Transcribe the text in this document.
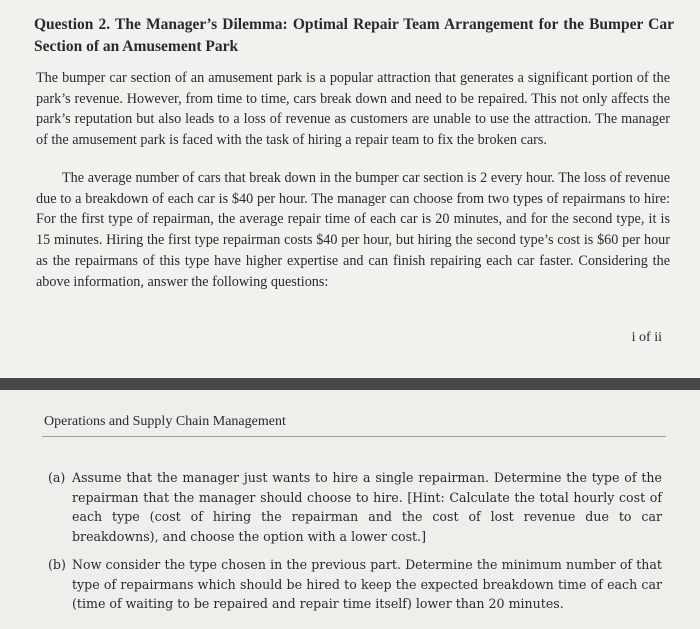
Question 2. The Manager’s Dilemma: Optimal Repair Team Arrangement for the Bumper Car Section of an Amusement Park

The bumper car section of an amusement park is a popular attraction that generates a significant portion of the park’s revenue. However, from time to time, cars break down and need to be repaired. This not only affects the park’s reputation but also leads to a loss of revenue as customers are unable to use the attraction. The manager of the amusement park is faced with the task of hiring a repair team to fix the broken cars.

The average number of cars that break down in the bumper car section is 2 every hour. The loss of revenue due to a breakdown of each car is $40 per hour. The manager can choose from two types of repairmans to hire: For the first type of repairman, the average repair time of each car is 20 minutes, and for the second type, it is 15 minutes. Hiring the first type repairman costs $40 per hour, but hiring the second type’s cost is $60 per hour as the repairmans of this type have higher expertise and can finish repairing each car faster. Considering the above information, answer the following questions:

i of ii
Operations and Supply Chain Management
(a) Assume that the manager just wants to hire a single repairman. Determine the type of the repairman that the manager should choose to hire. [Hint: Calculate the total hourly cost of each type (cost of hiring the repairman and the cost of lost revenue due to car breakdowns), and choose the option with a lower cost.]
(b) Now consider the type chosen in the previous part. Determine the minimum number of that type of repairmans which should be hired to keep the expected breakdown time of each car (time of waiting to be repaired and repair time itself) lower than 20 minutes.
